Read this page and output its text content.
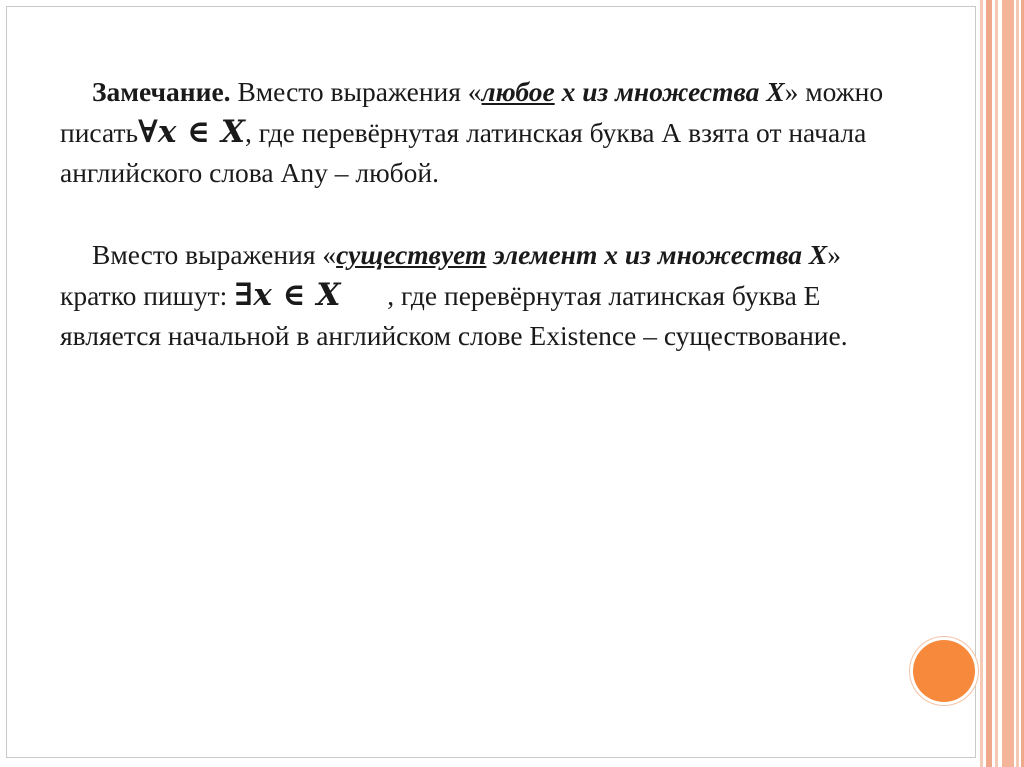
Замечание. Вместо выражения «любое х из множества Х» можно писать∀x ∈ X, где перевёрнутая латинская буква А взята от начала английского слова Any – любой.

Вместо выражения «существует элемент х из множества Х» кратко пишут: ∃x ∈ X , где перевёрнутая латинская буква Е является начальной в английском слове Existence – существование.
